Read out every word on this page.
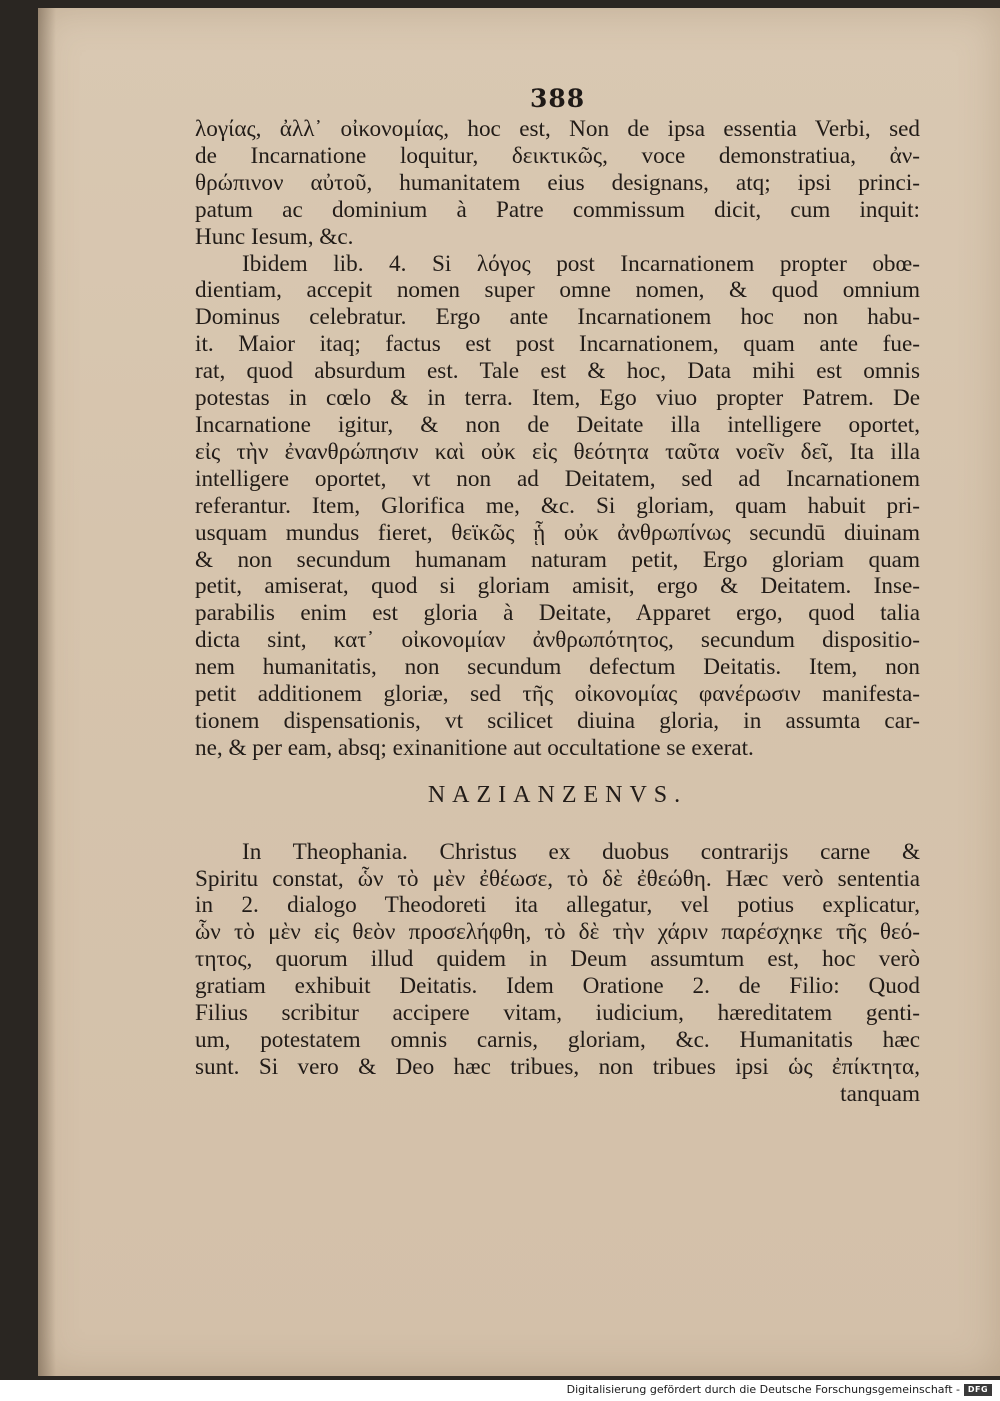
388
λογίας, ἀλλ᾽ οἰκονομίας, hoc est, Non de ipsa essentia Verbi, sed
de Incarnatione loquitur, δεικτικῶς, voce demonstratiua, ἀν-
θρώπινον αὐτοῦ, humanitatem eius designans, atq; ipsi princi-
patum ac dominium à Patre commissum dicit, cum inquit:
Hunc Iesum, &c.
Ibidem lib. 4. Si λόγος post Incarnationem propter obœ-
dientiam, accepit nomen super omne nomen, & quod omnium
Dominus celebratur. Ergo ante Incarnationem hoc non habu-
it. Maior itaq; factus est post Incarnationem, quam ante fue-
rat, quod absurdum est. Tale est & hoc, Data mihi est omnis
potestas in cœlo & in terra. Item, Ego viuo propter Patrem. De
Incarnatione igitur, & non de Deitate illa intelligere oportet,
εἰς τὴν ἐνανθρώπησιν καὶ οὐκ εἰς θεότητα ταῦτα νοεῖν δεῖ, Ita illa
intelligere oportet, vt non ad Deitatem, sed ad Incarnationem
referantur. Item, Glorifica me, &c. Si gloriam, quam habuit pri-
usquam mundus fieret, θεϊκῶς ᾗ οὐκ ἀνθρωπίνως secundū diuinam
& non secundum humanam naturam petit, Ergo gloriam quam
petit, amiserat, quod si gloriam amisit, ergo & Deitatem. Inse-
parabilis enim est gloria à Deitate, Apparet ergo, quod talia
dicta sint, κατ᾽ οἰκονομίαν ἀνθρωπότητος, secundum dispositio-
nem humanitatis, non secundum defectum Deitatis. Item, non
petit additionem gloriæ, sed τῆς οἰκονομίας φανέρωσιν manifesta-
tionem dispensationis, vt scilicet diuina gloria, in assumta car-
ne, & per eam, absq; exinanitione aut occultatione se exerat.
NAZIANZENVS.
In Theophania. Christus ex duobus contrarijs carne &
Spiritu constat, ὧν τὸ μὲν ἐθέωσε, τὸ δὲ ἐθεώθη. Hæc verò sententia
in 2. dialogo Theodoreti ita allegatur, vel potius explicatur,
ὧν τὸ μὲν εἰς θεὸν προσελήφθη, τὸ δὲ τὴν χάριν παρέσχηκε τῆς θεό-
τητος, quorum illud quidem in Deum assumtum est, hoc verò
gratiam exhibuit Deitatis. Idem Oratione 2. de Filio: Quod
Filius scribitur accipere vitam, iudicium, hæreditatem genti-
um, potestatem omnis carnis, gloriam, &c. Humanitatis hæc
sunt. Si vero & Deo hæc tribues, non tribues ipsi ὡς ἐπίκτητα,
tanquam
Digitalisierung gefördert durch die Deutsche Forschungsgemeinschaft - DFG
